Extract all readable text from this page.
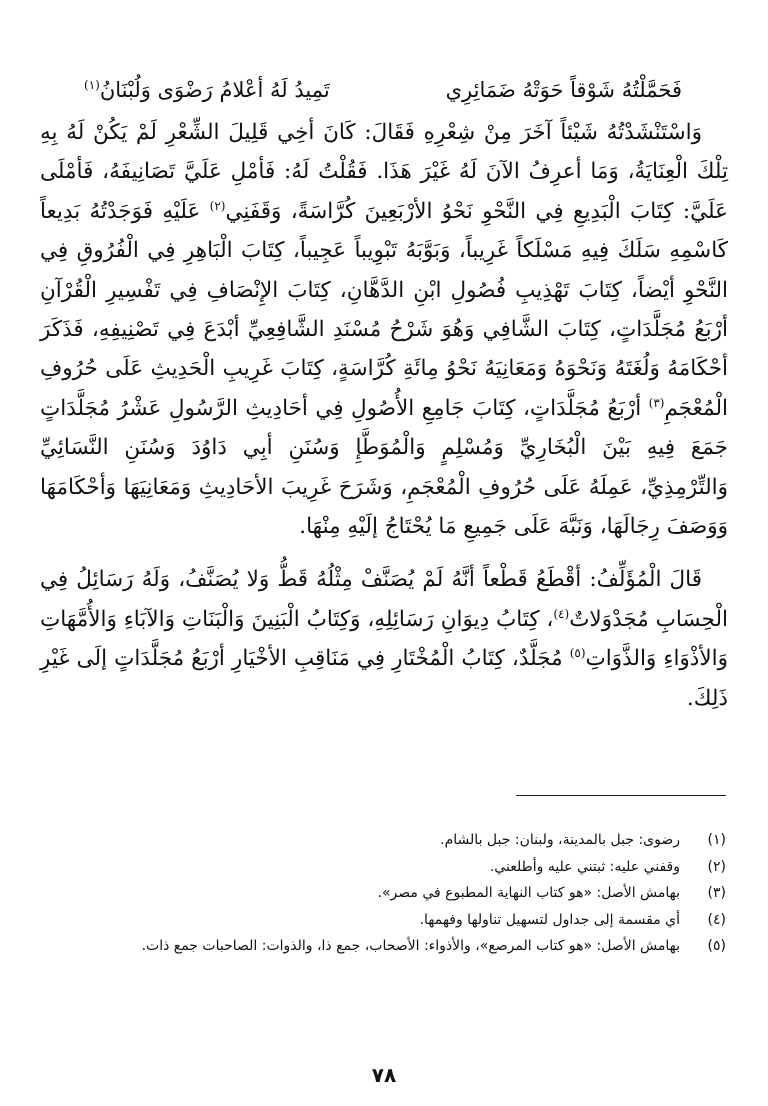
فَحَمَّلْتُهُ شَوْقاً حَوَتْهُ ضَمَائِرِي
تَمِيدُ لَهُ أعْلامُ رَضْوَى وَلُبْنَانُ$^{(١)}$

وَاسْتَنْشَدْتُهُ شَيْئاً آخَرَ مِنْ شِعْرِهِ فَقَالَ: كَانَ أخِي قَلِيلَ الشِّعْرِ لَمْ يَكُنْ لَهُ بِهِ تِلْكَ الْعِنَايَةُ، وَمَا أعرِفُ الآنَ لَهُ غَيْرَ هَذَا. فَقُلْتُ لَهُ: فَأمْلِ عَلَيَّ تَصَانِيفَهُ، فَأمْلَى عَلَيَّ: كِتَابَ الْبَدِيعِ فِي النَّحْوِ نَحْوُ الأرْبَعِينَ كُرَّاسَةً، وَقَفَنِي$^{(٢)}$ عَلَيْهِ فَوَجَدْتُهُ بَدِيعاً كَاسْمِهِ سَلَكَ فِيهِ مَسْلَكاً غَرِيباً، وَبَوَّبَهُ تَبْوِيباً عَجِيباً، كِتَابَ الْبَاهِرِ فِي الْفُرُوقِ فِي النَّحْوِ أيْضاً، كِتَابَ تَهْذِيبِ فُصُولِ ابْنِ الدَّهَّانِ، كِتَابَ الإِنْصَافِ فِي تَفْسِيرِ الْقُرْآنِ أرْبَعُ مُجَلَّدَاتٍ، كِتَابَ الشَّافِي وَهُوَ شَرْحُ مُسْنَدِ الشَّافِعِيِّ أبْدَعَ فِي تَصْنِيفِهِ، فَذَكَرَ أحْكَامَهُ وَلُغَتَهُ وَنَحْوَهُ وَمَعَانِيَهُ نَحْوُ مِائَةِ كُرَّاسَةٍ، كِتَابَ غَرِيبِ الْحَدِيثِ عَلَى حُرُوفِ الْمُعْجَمِ$^{(٣)}$ أرْبَعُ مُجَلَّدَاتٍ، كِتَابَ جَامِعِ الأُصُولِ فِي أحَادِيثِ الرَّسُولِ عَشْرُ مُجَلَّدَاتٍ جَمَعَ فِيهِ بَيْنَ الْبُخَارِيِّ وَمُسْلِمٍ وَالْمُوَطَّإِ وَسُنَنِ أبِي دَاوُدَ وَسُنَنِ النَّسَائِيِّ وَالتِّرْمِذِيِّ، عَمِلَهُ عَلَى حُرُوفِ الْمُعْجَمِ، وَشَرَحَ غَرِيبَ الأحَادِيثِ وَمَعَانِيَهَا وَأحْكَامَهَا وَوَصَفَ رِجَالَهَا، وَنَبَّهَ عَلَى جَمِيعِ مَا يُحْتَاجُ إلَيْهِ مِنْهَا.

قَالَ الْمُؤَلِّفُ: أقْطَعُ قَطْعاً أنَّهُ لَمْ يُصَنَّفْ مِثْلُهُ قَطُّ وَلا يُصَنَّفُ، وَلَهُ رَسَائِلُ فِي الْحِسَابِ مُجَدْوَلاتٌ$^{(٤)}$، كِتَابُ دِيوَانِ رَسَائِلِهِ، وَكِتَابُ الْبَنِينَ وَالْبَنَاتِ وَالآبَاءِ وَالأُمَّهَاتِ وَالأذْوَاءِ وَالذَّوَاتِ$^{(٥)}$ مُجَلَّدٌ، كِتَابُ الْمُخْتَارِ فِي مَنَاقِبِ الأخْيَارِ أرْبَعُ مُجَلَّدَاتٍ إلَى غَيْرِ ذَلِكَ.

(١)
رضوى: جبل بالمدينة، ولبنان: جبل بالشام.
(٢)
وقفني عليه: ثبتني عليه وأطلعني.
(٣)
بهامش الأصل: «هو كتاب النهاية المطبوع في مصر».
(٤)
أي مقسمة إلى جداول لتسهيل تناولها وفهمها.
(٥)
بهامش الأصل: «هو كتاب المرصع»، والأذواء: الأصحاب، جمع ذا، والذوات: الصاحبات جمع ذات.
٧٨
